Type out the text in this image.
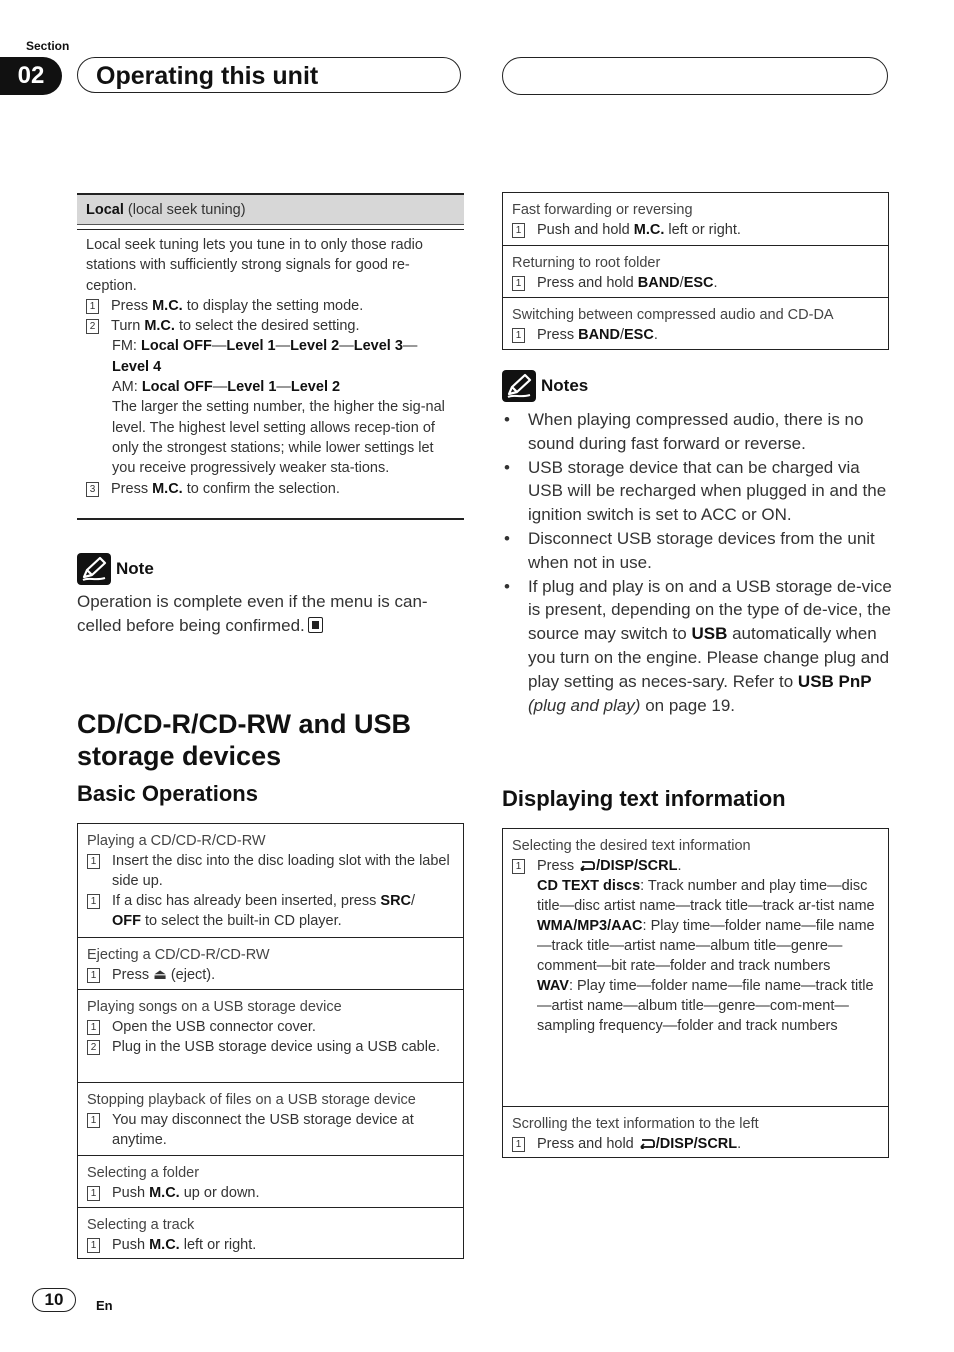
Section
02	Operating this unit
Local (local seek tuning)
Local seek tuning lets you tune in to only those radio stations with sufficiently strong signals for good re-ception.
1 Press M.C. to display the setting mode.
2 Turn M.C. to select the desired setting.
FM: Local OFF—Level 1—Level 2—Level 3—
Level 4
AM: Local OFF—Level 1—Level 2
The larger the setting number, the higher the sig-nal level. The highest level setting allows recep-tion of only the strongest stations; while lower settings let you receive progressively weaker sta-tions.
3 Press M.C. to confirm the selection.
Note
Operation is complete even if the menu is can-celled before being confirmed.
CD/CD-R/CD-RW and USB
storage devices
Basic Operations
Playing a CD/CD-R/CD-RW
1 Insert the disc into the disc loading slot with the label side up.
1 If a disc has already been inserted, press SRC/
OFF to select the built-in CD player.
Ejecting a CD/CD-R/CD-RW
1 Press ⏏ (eject).
Playing songs on a USB storage device
1 Open the USB connector cover.
2 Plug in the USB storage device using a USB cable.
Stopping playback of files on a USB storage device
1 You may disconnect the USB storage device at anytime.
Selecting a folder
1 Push M.C. up or down.
Selecting a track
1 Push M.C. left or right.
Fast forwarding or reversing
1 Push and hold M.C. left or right.
Returning to root folder
1 Press and hold BAND/ESC.
Switching between compressed audio and CD-DA
1 Press BAND/ESC.
Notes
• When playing compressed audio, there is no sound during fast forward or reverse.
• USB storage device that can be charged via USB will be recharged when plugged in and the ignition switch is set to ACC or ON.
• Disconnect USB storage devices from the unit when not in use.
• If plug and play is on and a USB storage de-vice is present, depending on the type of de-vice, the source may switch to USB automatically when you turn on the engine. Please change plug and play setting as neces-sary. Refer to USB PnP (plug and play) on page 19.
Displaying text information
Selecting the desired text information
1 Press /DISP/SCRL.
CD TEXT discs: Track number and play time—disc title—disc artist name—track title—track ar-tist name
WMA/MP3/AAC: Play time—folder name—file name—track title—artist name—album title—genre—comment—bit rate—folder and track numbers
WAV: Play time—folder name—file name—track title—artist name—album title—genre—com-ment—sampling frequency—folder and track numbers
Scrolling the text information to the left
1 Press and hold /DISP/SCRL.
10	En
